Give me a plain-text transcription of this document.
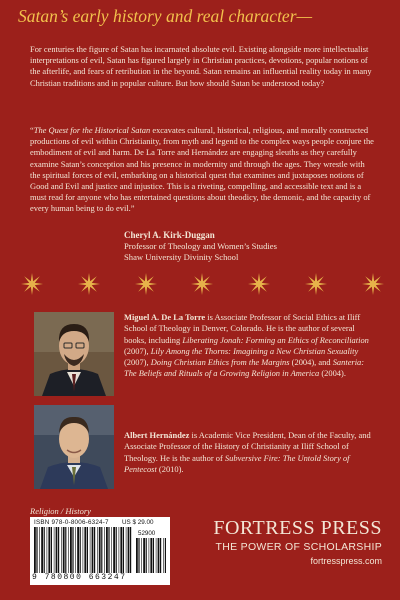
Satan’s early history and real character—

For centuries the figure of Satan has incarnated absolute evil. Existing alongside more intellectualist interpretations of evil, Satan has figured largely in Christian practices, devotions, popular notions of the afterlife, and fears of retribution in the beyond. Satan remains an influential reality today in many Christian traditions and in popular culture. But how should Satan be understood today?

“The Quest for the Historical Satan excavates cultural, historical, religious, and morally constructed productions of evil within Christianity, from myth and legend to the complex ways people conjure the embodiment of evil and harm. De La Torre and Hernández are engaging sleuths as they carefully examine Satan’s conception and his presence in modernity and through the ages. They wrestle with the spiritual forces of evil, embarking on a historical quest that examines and juxtaposes notions of Good and Evil and justice and injustice. This is a riveting, compelling, and accessible text and is a must read for anyone who has entertained questions about theodicy, the demonic, and the capacity of every human being to do evil.”

Cheryl A. Kirk-Duggan
Professor of Theology and Women’s Studies
Shaw University Divinity School

Miguel A. De La Torre is Associate Professor of Social Ethics at Iliff School of Theology in Denver, Colorado. He is the author of several books, including Liberating Jonah: Forming an Ethics of Reconciliation (2007), Lily Among the Thorns: Imagining a New Christian Sexuality (2007), Doing Christian Ethics from the Margins (2004), and Santeria: The Beliefs and Rituals of a Growing Religion in America (2004).

Albert Hernández is Academic Vice President, Dean of the Faculty, and Associate Professor of the History of Christianity at Iliff School of Theology. He is the author of Subversive Fire: The Untold Story of Pentecost (2010).

Religion / History
ISBN 978-0-8006-6324-7 US $ 29.00
52900
9 780800 663247
FORTRESS PRESS
THE POWER OF SCHOLARSHIP
fortresspress.com
